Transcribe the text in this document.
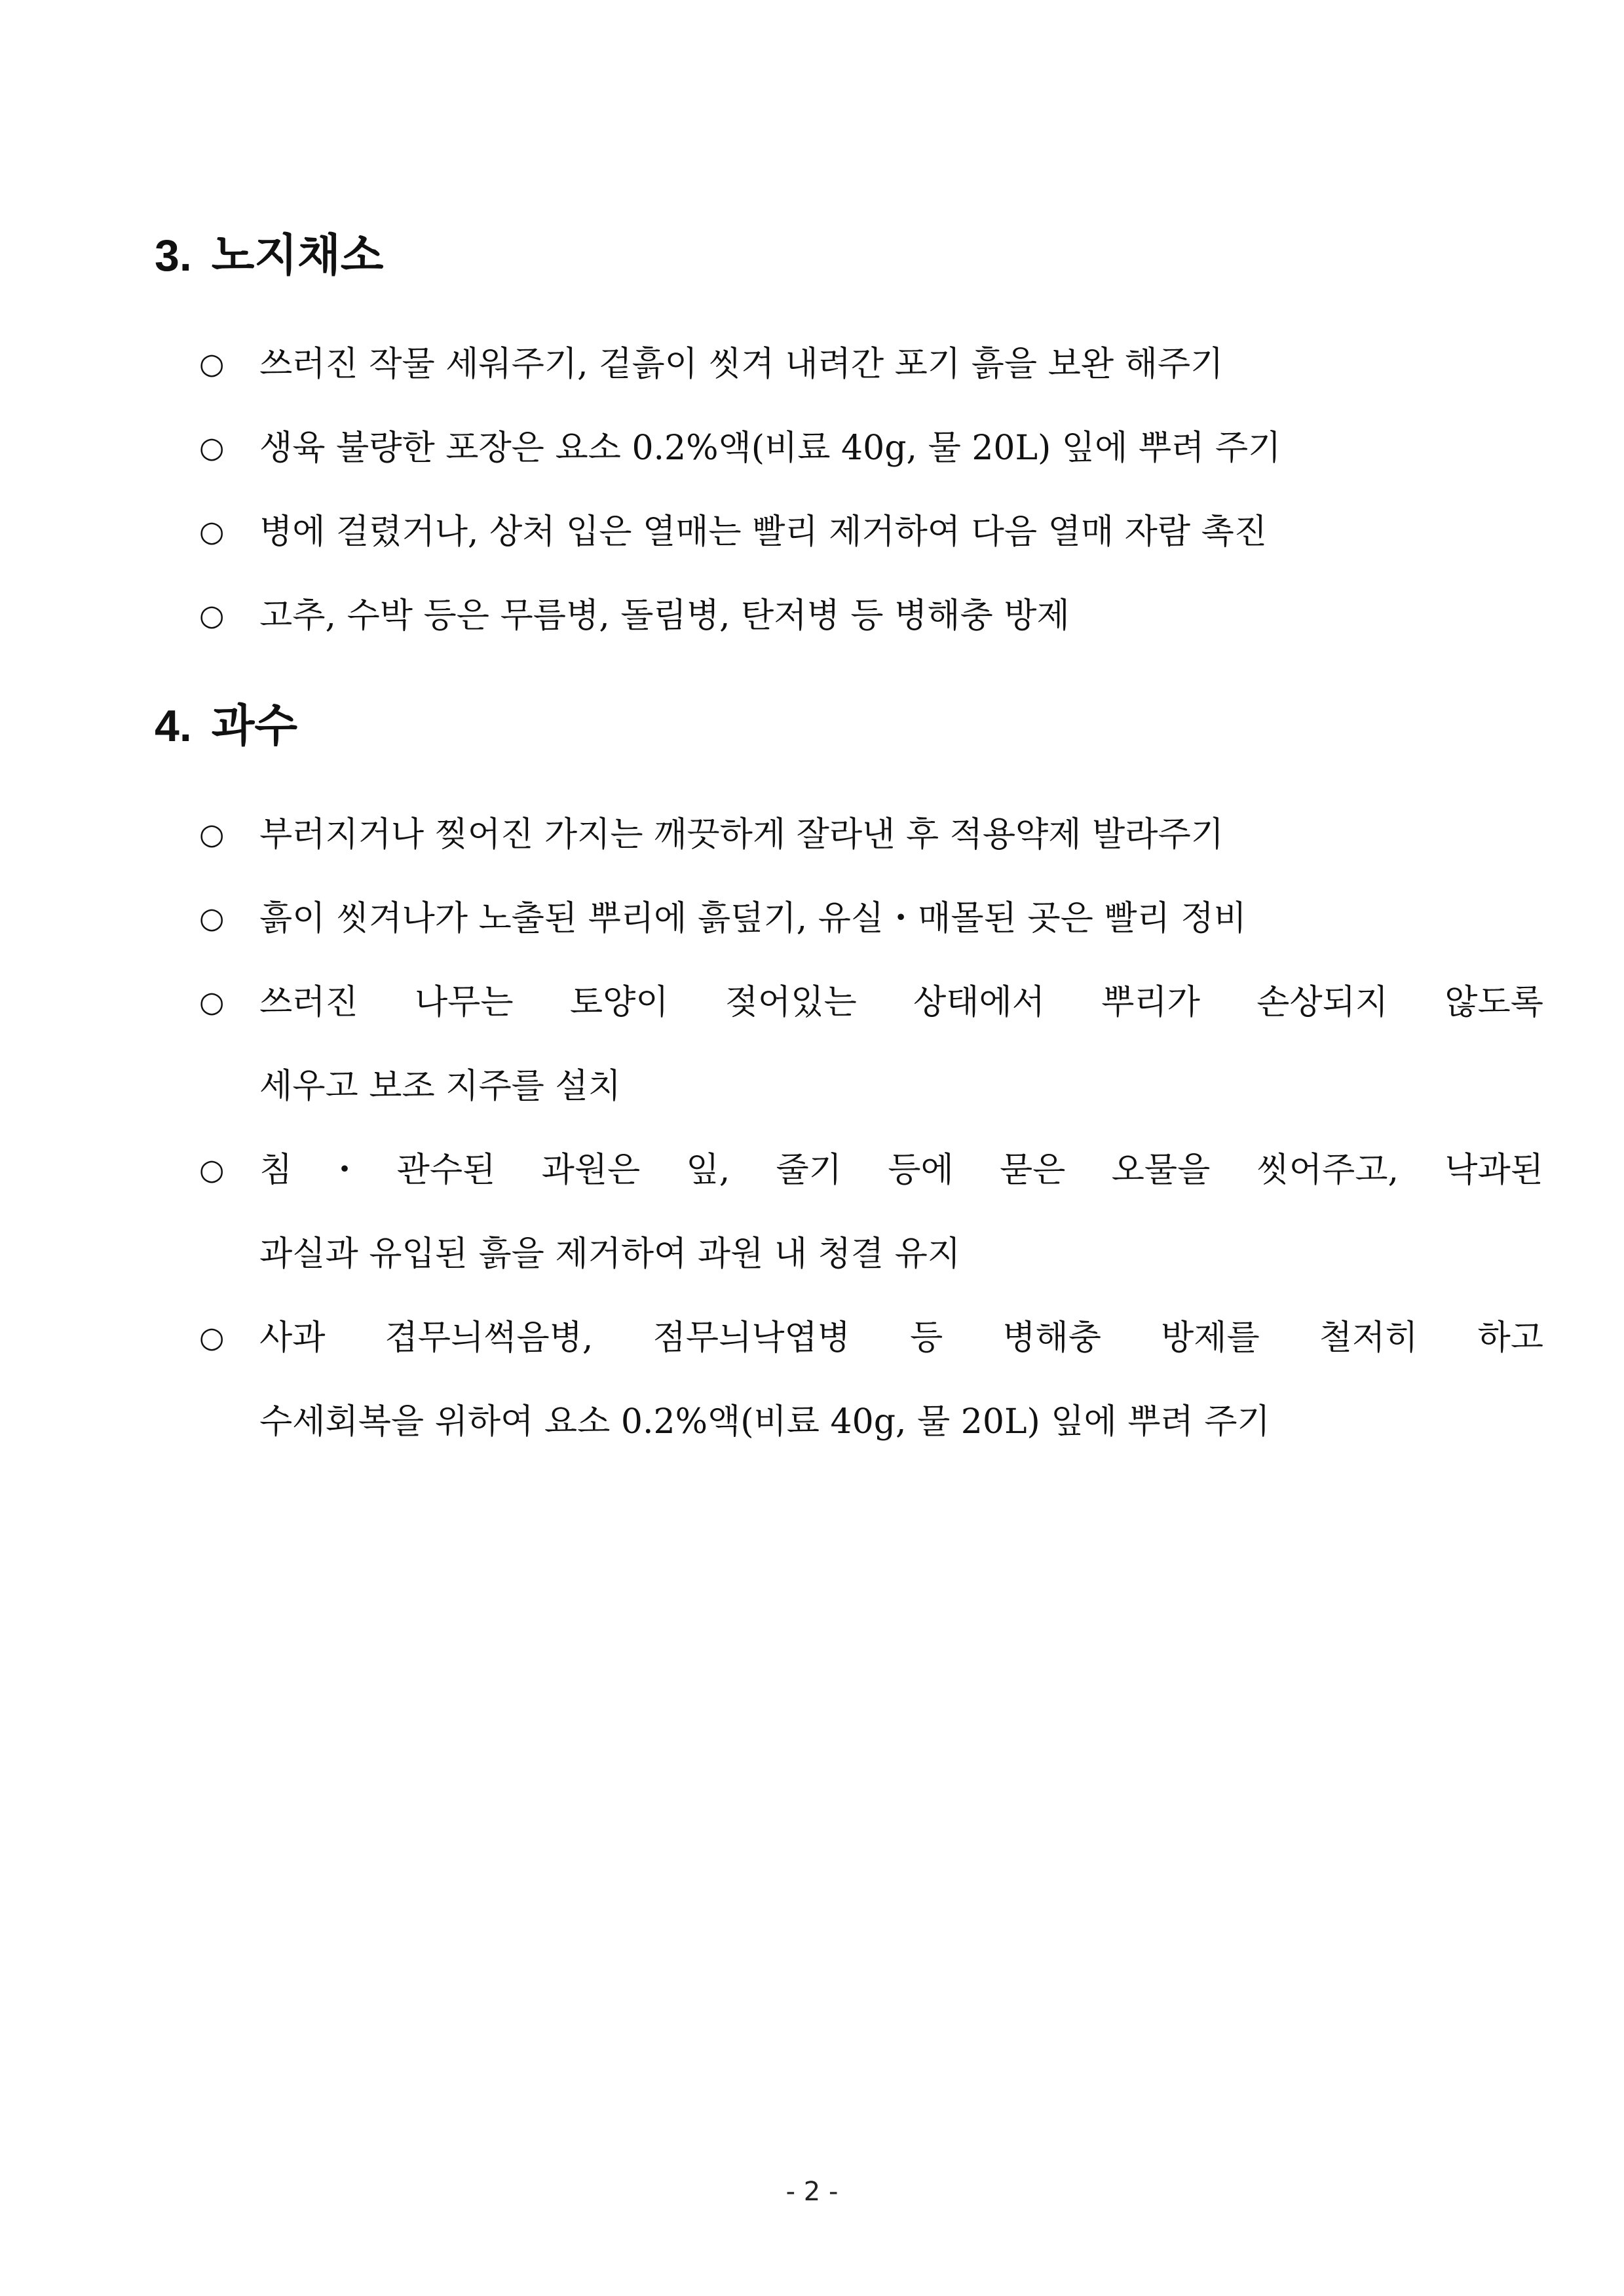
3. 노지채소
○ 쓰러진 작물 세워주기, 겉흙이 씻겨 내려간 포기 흙을 보완 해주기
○ 생육 불량한 포장은 요소 0.2%액(비료 40g, 물 20L) 잎에 뿌려 주기
○ 병에 걸렸거나, 상처 입은 열매는 빨리 제거하여 다음 열매 자람 촉진
○ 고추, 수박 등은 무름병, 돌림병, 탄저병 등 병해충 방제
4. 과수
○ 부러지거나 찢어진 가지는 깨끗하게 잘라낸 후 적용약제 발라주기
○ 흙이 씻겨나가 노출된 뿌리에 흙덮기, 유실・매몰된 곳은 빨리 정비
○ 쓰러진 나무는 토양이 젖어있는 상태에서 뿌리가 손상되지 않도록
세우고 보조 지주를 설치
○ 침・관수된 과원은 잎, 줄기 등에 묻은 오물을 씻어주고, 낙과된
과실과 유입된 흙을 제거하여 과원 내 청결 유지
○ 사과 겹무늬썩음병, 점무늬낙엽병 등 병해충 방제를 철저히 하고
수세회복을 위하여 요소 0.2%액(비료 40g, 물 20L) 잎에 뿌려 주기
- 2 -
